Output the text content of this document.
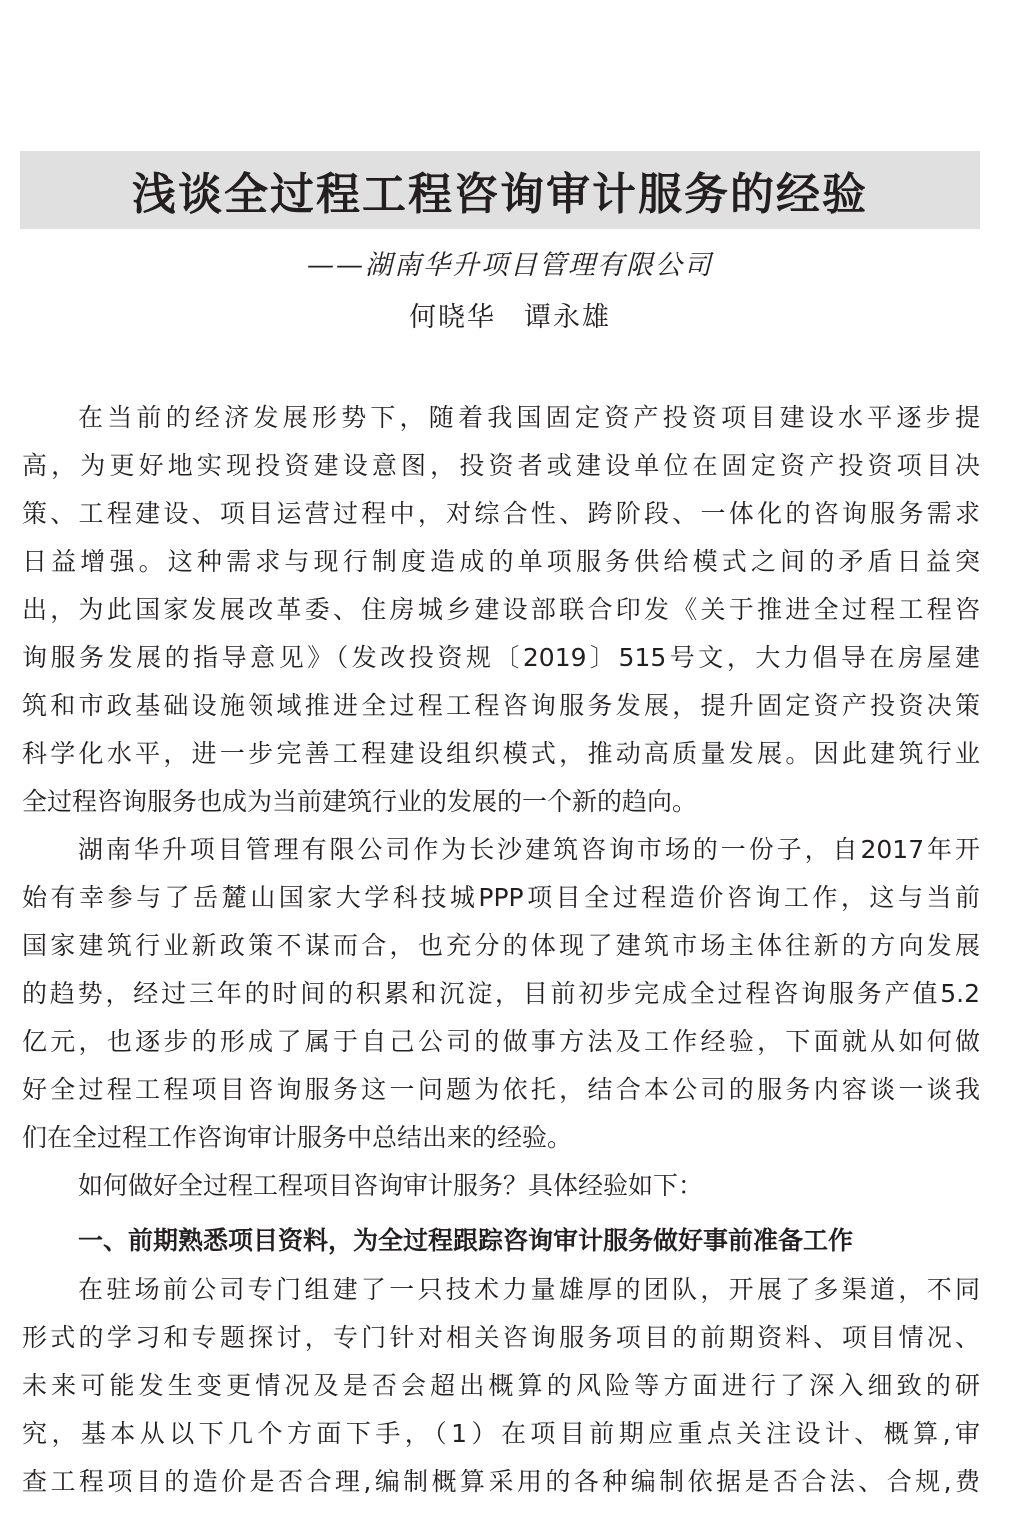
浅谈全过程工程咨询审计服务的经验
——湖南华升项目管理有限公司
何晓华 谭永雄
在当前的经济发展形势下，随着我国固定资产投资项目建设水平逐步提
高，为更好地实现投资建设意图，投资者或建设单位在固定资产投资项目决
策、工程建设、项目运营过程中，对综合性、跨阶段、一体化的咨询服务需求
日益增强。这种需求与现行制度造成的单项服务供给模式之间的矛盾日益突
出，为此国家发展改革委、住房城乡建设部联合印发《关于推进全过程工程咨
询服务发展的指导意见》（发改投资规〔2019〕515号文，大力倡导在房屋建
筑和市政基础设施领域推进全过程工程咨询服务发展，提升固定资产投资决策
科学化水平，进一步完善工程建设组织模式，推动高质量发展。因此建筑行业
全过程咨询服务也成为当前建筑行业的发展的一个新的趋向。
湖南华升项目管理有限公司作为长沙建筑咨询市场的一份子，自2017年开
始有幸参与了岳麓山国家大学科技城PPP项目全过程造价咨询工作，这与当前
国家建筑行业新政策不谋而合，也充分的体现了建筑市场主体往新的方向发展
的趋势，经过三年的时间的积累和沉淀，目前初步完成全过程咨询服务产值5.2
亿元，也逐步的形成了属于自己公司的做事方法及工作经验，下面就从如何做
好全过程工程项目咨询服务这一问题为依托，结合本公司的服务内容谈一谈我
们在全过程工作咨询审计服务中总结出来的经验。
如何做好全过程工程项目咨询审计服务？具体经验如下：
一、前期熟悉项目资料，为全过程跟踪咨询审计服务做好事前准备工作
在驻场前公司专门组建了一只技术力量雄厚的团队，开展了多渠道，不同
形式的学习和专题探讨，专门针对相关咨询服务项目的前期资料、项目情况、
未来可能发生变更情况及是否会超出概算的风险等方面进行了深入细致的研
究，基本从以下几个方面下手，（1）在项目前期应重点关注设计、概算,审
查工程项目的造价是否合理,编制概算采用的各种编制依据是否合法、合规,费
